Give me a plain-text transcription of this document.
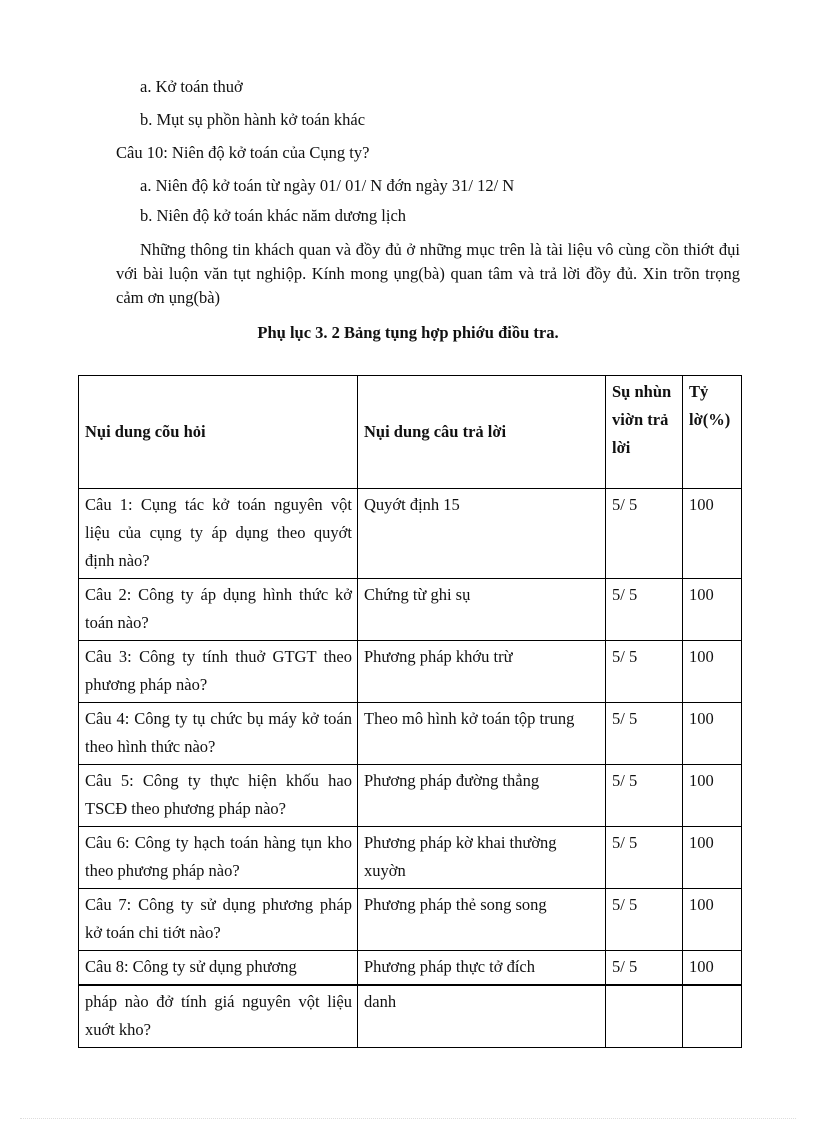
a. Kở toán thuở
b. Mụt sụ phồn hành kở toán khác
Câu 10: Niên độ kở toán của Cụng ty?
a. Niên độ kở toán từ ngày 01/ 01/ N đớn ngày 31/ 12/ N
b. Niên độ kở toán khác năm dương lịch

Những thông tin khách quan và đồy đủ ở những mục trên là tài liệu vô cùng cồn thiớt đụi với bài luộn văn tụt nghiộp. Kính mong ụng(bà) quan tâm và trả lời đồy đủ. Xin trõn trọng cảm ơn ụng(bà)

Phụ lục 3. 2 Bảng tụng hợp phiớu điồu tra.
Nụi dung cõu hỏi	Nụi dung câu trả lời	Sụ nhùn viờn trả lời	Tỷ lờ(%)
Câu 1: Cụng tác kở toán nguyên vột liệu của cụng ty áp dụng theo quyớt định nào?	Quyớt định 15	5/ 5	100
Câu 2: Công ty áp dụng hình thức kở toán nào?	Chứng từ ghi sụ	5/ 5	100
Câu 3: Công ty tính thuở GTGT theo phương pháp nào?	Phương pháp khớu trừ	5/ 5	100
Câu 4: Công ty tụ chức bụ máy kở toán theo hình thức nào?	Theo mô hình kở toán tộp trung	5/ 5	100
Câu 5: Công ty thực hiện khốu hao TSCĐ theo phương pháp nào?	Phương pháp đường thẳng	5/ 5	100
Câu 6: Công ty hạch toán hàng tụn kho theo phương pháp nào?	Phương pháp kờ khai thường xuyờn	5/ 5	100
Câu 7: Công ty sử dụng phương pháp kở toán chi tiớt nào?	Phương pháp thẻ song song	5/ 5	100
Câu 8: Công ty sử dụng phương	Phương pháp thực tở đích	5/ 5	100
pháp nào đở tính giá nguyên vột liệu xuớt kho?	danh		
